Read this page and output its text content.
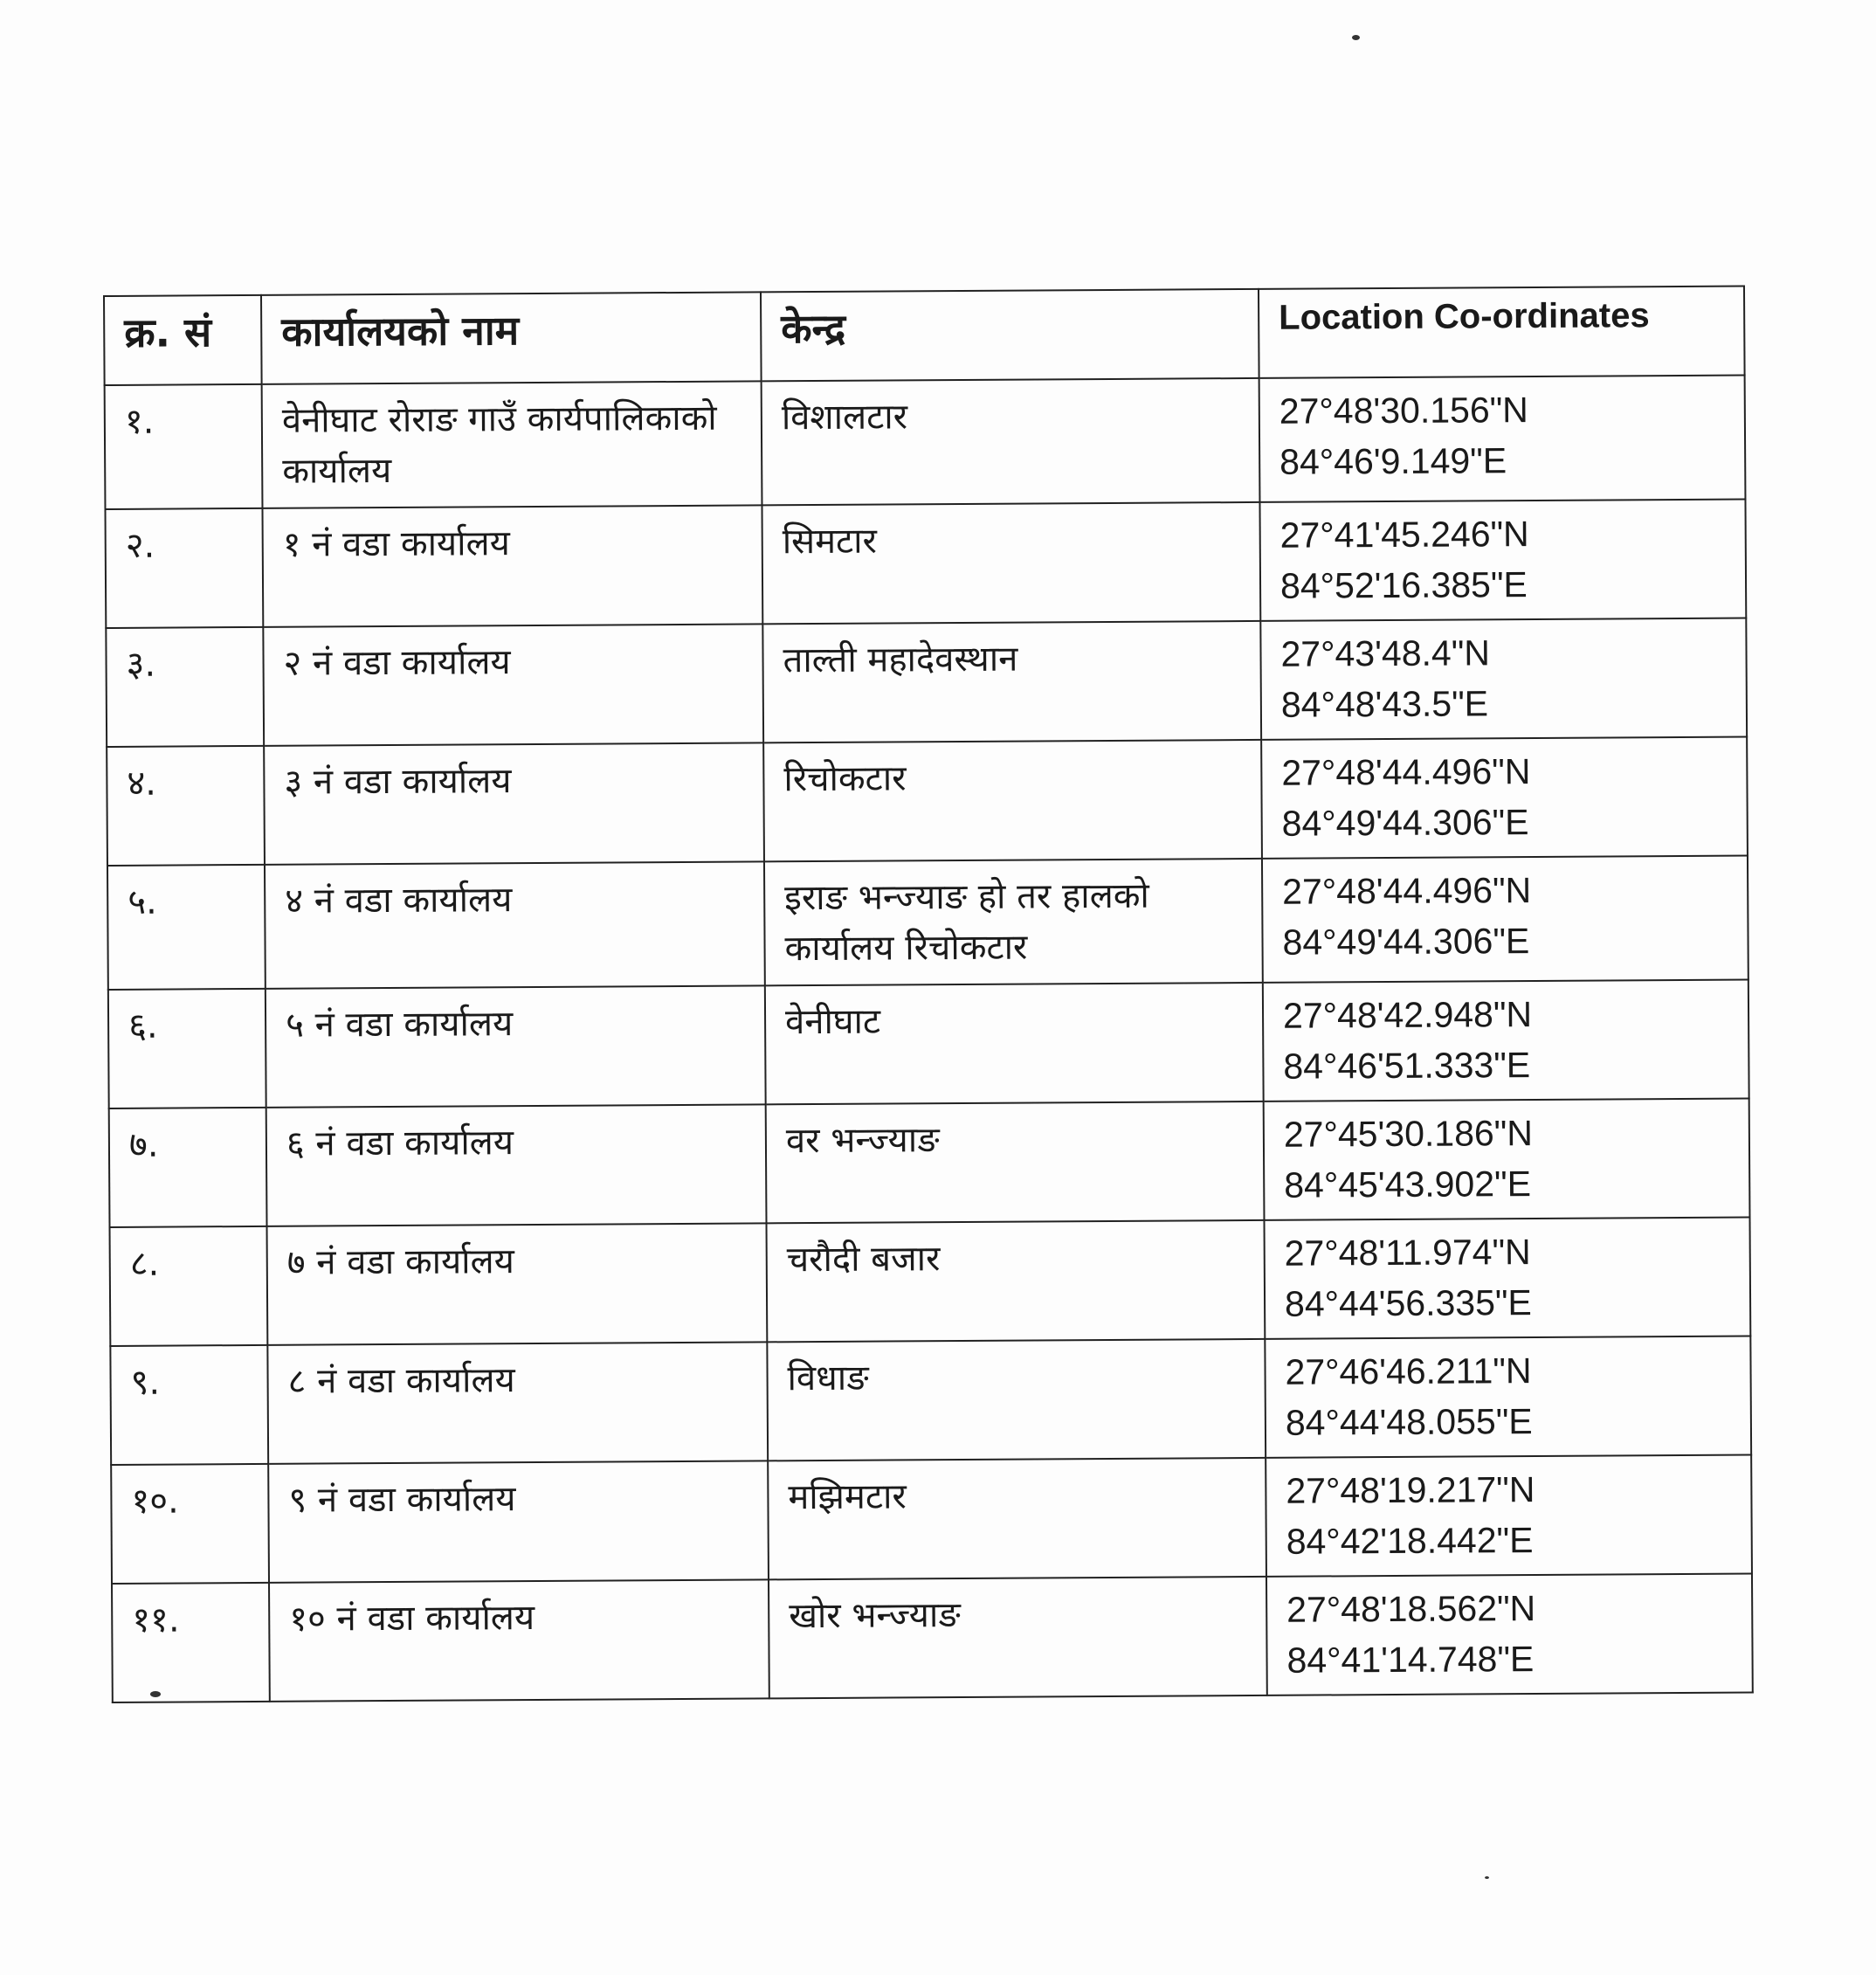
क्र. सं	कार्यालयको नाम	केन्द्र	Location Co-ordinates
१.	वेनीघाट रोराङ गाउँ कार्यपालिकाको कार्यालय	विशालटार	27°48'30.156"N
84°46'9.149"E

२.	१ नं वडा कार्यालय	सिमटार	27°41'45.246"N
84°52'16.385"E

३.	२ नं वडा कार्यालय	ताल्ती महादेवस्थान	27°43'48.4"N
84°48'43.5"E

४.	३ नं वडा कार्यालय	रिचोकटार	27°48'44.496"N
84°49'44.306"E

५.	४ नं वडा कार्यालय	इराङ भन्ज्याङ हो तर हालको कार्यालय रिचोकटार	27°48'44.496"N
84°49'44.306"E

६.	५ नं वडा कार्यालय	वेनीघाट	27°48'42.948"N
84°46'51.333"E

७.	६ नं वडा कार्यालय	वर भन्ज्याङ	27°45'30.186"N
84°45'43.902"E

८.	७ नं वडा कार्यालय	चरौदी बजार	27°48'11.974"N
84°44'56.335"E

९.	८ नं वडा कार्यालय	विधाङ	27°46'46.211"N
84°44'48.055"E

१०.	९ नं वडा कार्यालय	मझिमटार	27°48'19.217"N
84°42'18.442"E

११.	१० नं वडा कार्यालय	खोर भन्ज्याङ	27°48'18.562"N
84°41'14.748"E
